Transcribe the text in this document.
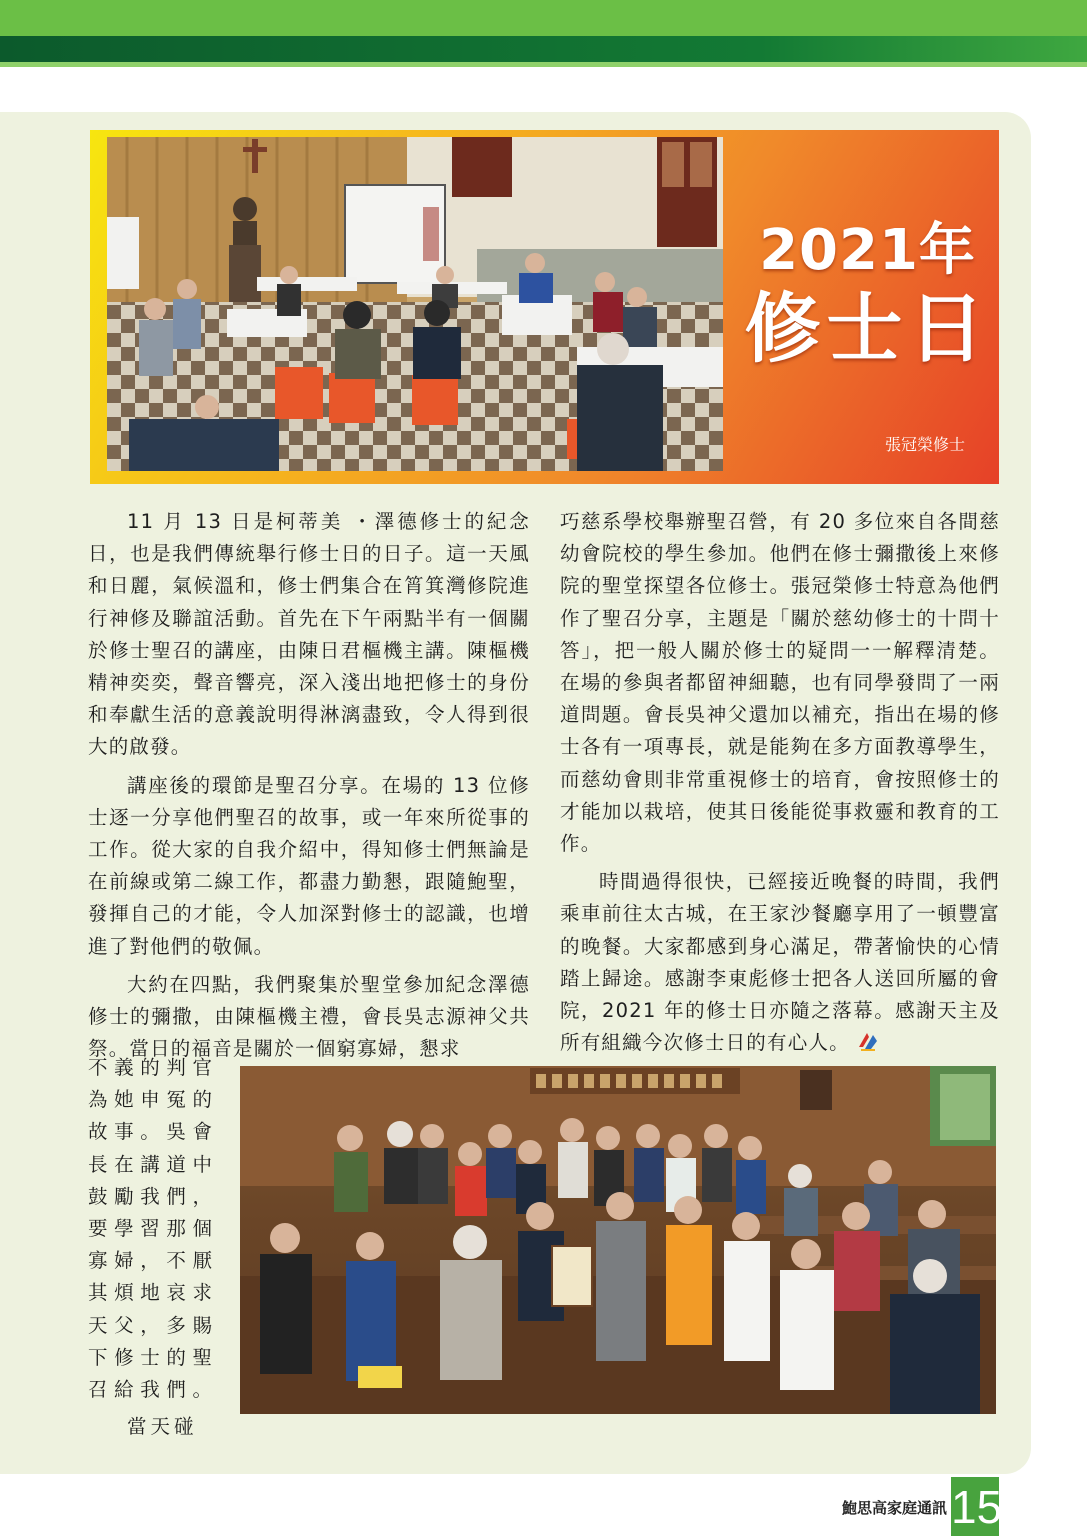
2021年
修士日
張冠榮修士

11 月 13 日是柯蒂美 ・澤德修士的紀念日，也是我們傳統舉行修士日的日子。這一天風和日麗，氣候溫和，修士們集合在筲箕灣修院進行神修及聯誼活動。首先在下午兩點半有一個關於修士聖召的講座，由陳日君樞機主講。陳樞機精神奕奕，聲音響亮，深入淺出地把修士的身份和奉獻生活的意義說明得淋漓盡致，令人得到很大的啟發。

講座後的環節是聖召分享。在場的 13 位修士逐一分享他們聖召的故事，或一年來所從事的工作。從大家的自我介紹中，得知修士們無論是在前線或第二線工作，都盡力勤懇，跟隨鮑聖，發揮自己的才能，令人加深對修士的認識，也增進了對他們的敬佩。

大約在四點，我們聚集於聖堂參加紀念澤德修士的彌撒，由陳樞機主禮，會長吳志源神父共祭。當日的福音是關於一個窮寡婦，懇求

不義的判官為她申冤的故事。吳會長在講道中鼓勵我們，要學習那個寡婦，不厭其煩地哀求天父，多賜下修士的聖召給我們。

當天碰

巧慈系學校舉辦聖召營，有 20 多位來自各間慈幼會院校的學生參加。他們在修士彌撒後上來修院的聖堂探望各位修士。張冠榮修士特意為他們作了聖召分享，主題是「關於慈幼修士的十問十答」，把一般人關於修士的疑問一一解釋清楚。在場的參與者都留神細聽，也有同學發問了一兩道問題。會長吳神父還加以補充，指出在場的修士各有一項專長，就是能夠在多方面教導學生，而慈幼會則非常重視修士的培育，會按照修士的才能加以栽培，使其日後能從事救靈和教育的工作。

時間過得很快，已經接近晚餐的時間，我們乘車前往太古城，在王家沙餐廳享用了一頓豐富的晚餐。大家都感到身心滿足，帶著愉快的心情踏上歸途。感謝李東彪修士把各人送回所屬的會院，2021 年的修士日亦隨之落幕。感謝天主及所有組織今次修士日的有心人。

鮑思高家庭通訊 15
